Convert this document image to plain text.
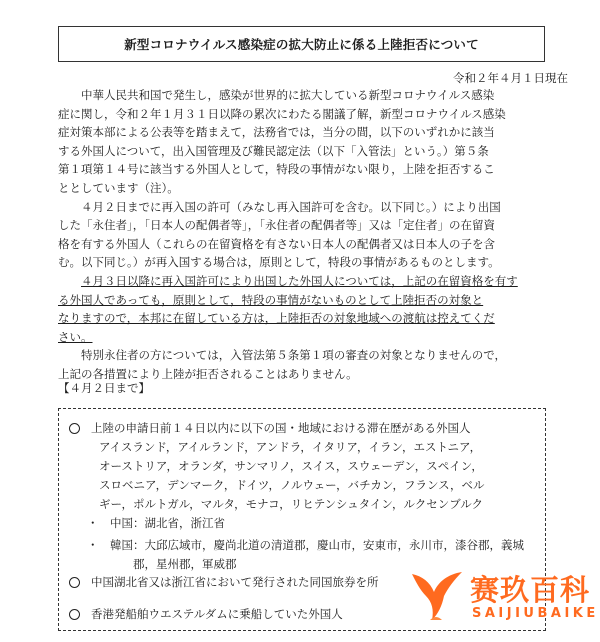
新型コロナウイルス感染症の拡大防止に係る上陸拒否について
令和２年４月１日現在
中華人民共和国で発生し，感染が世界的に拡大している新型コロナウイルス感染
症に関し，令和２年１月３１日以降の累次にわたる閣議了解，新型コロナウイルス感染
症対策本部による公表等を踏まえて，法務省では，当分の間，以下のいずれかに該当
する外国人について，出入国管理及び難民認定法（以下「入管法」という。）第５条
第１項第１４号に該当する外国人として，特段の事情がない限り，上陸を拒否するこ
ととしています（注）。
４月２日までに再入国の許可（みなし再入国許可を含む。以下同じ。）により出国
した「永住者」，「日本人の配偶者等」，「永住者の配偶者等」又は「定住者」の在留資
格を有する外国人（これらの在留資格を有さない日本人の配偶者又は日本人の子を含
む。以下同じ。）が再入国する場合は，原則として，特段の事情があるものとします。
４月３日以降に再入国許可により出国した外国人については，上記の在留資格を有す
る外国人であっても，原則として，特段の事情がないものとして上陸拒否の対象と
なりますので，本邦に在留している方は，上陸拒否の対象地域への渡航は控えてくだ
さい。
特別永住者の方については，入管法第５条第１項の審査の対象となりませんので，
上記の各措置により上陸が拒否されることはありません。
【４月２日まで】
上陸の申請日前１４日以内に以下の国・地域における滞在歴がある外国人
アイスランド，アイルランド，アンドラ，イタリア，イラン，エストニア，
オーストリア，オランダ，サンマリノ，スイス，スウェーデン，スペイン，
スロベニア，デンマーク，ドイツ，ノルウェー，バチカン，フランス，ベル
ギー，ポルトガル，マルタ，モナコ，リヒテンシュタイン，ルクセンブルク
・　中国：湖北省，浙江省
・　韓国：大邱広域市，慶尚北道の清道郡，慶山市，安東市，永川市，漆谷郡，義城
　　　　郡，星州郡，軍威郡
中国湖北省又は浙江省において発行された同国旅券を所
香港発船舶ウエステルダムに乗船していた外国人
赛玖百科
SAIJIUBAIKE
